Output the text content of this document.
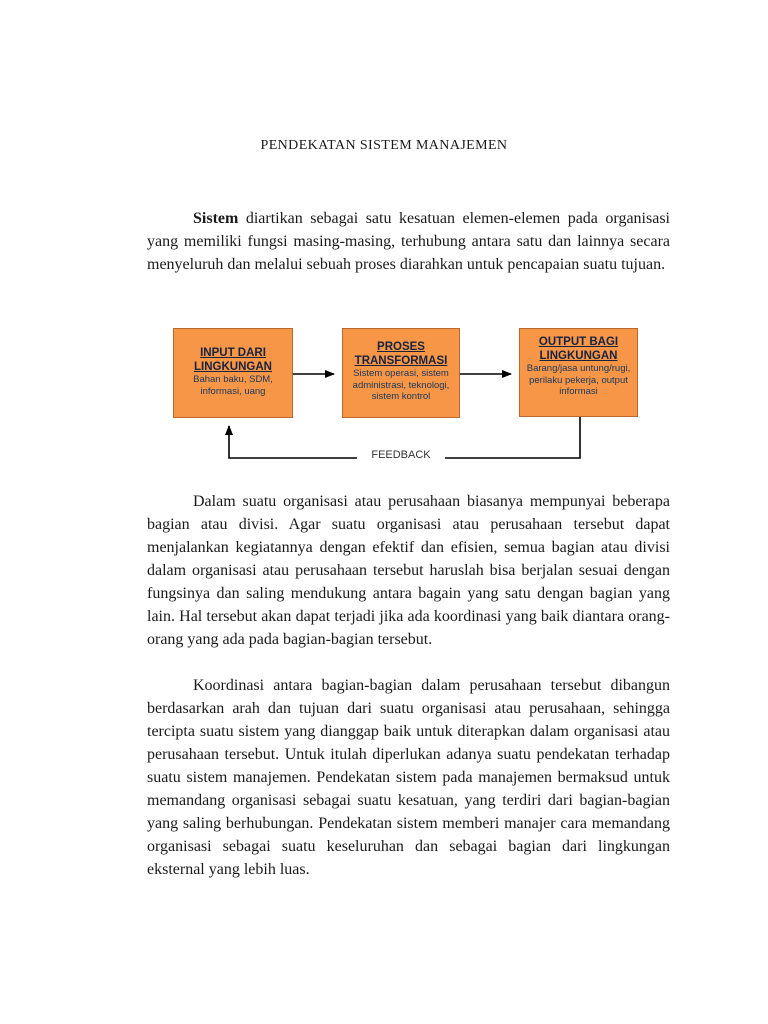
PENDEKATAN SISTEM MANAJEMEN

Sistem diartikan sebagai satu kesatuan elemen-elemen pada organisasi yang memiliki fungsi masing-masing, terhubung antara satu dan lainnya secara menyeluruh dan melalui sebuah proses diarahkan untuk pencapaian suatu tujuan.

INPUT DARI LINGKUNGAN
Bahan baku, SDM, informasi, uang
PROSES TRANSFORMASI
Sistem operasi, sistem administrasi, teknologi, sistem kontrol
OUTPUT BAGI LINGKUNGAN
Barang/jasa untung/rugi, perilaku pekerja, output informasi
FEEDBACK

Dalam suatu organisasi atau perusahaan biasanya mempunyai beberapa bagian atau divisi. Agar suatu organisasi atau perusahaan tersebut dapat menjalankan kegiatannya dengan efektif dan efisien, semua bagian atau divisi dalam organisasi atau perusahaan tersebut haruslah bisa berjalan sesuai dengan fungsinya dan saling mendukung antara bagain yang satu dengan bagian yang lain. Hal tersebut akan dapat terjadi jika ada koordinasi yang baik diantara orang-orang yang ada pada bagian-bagian tersebut.

Koordinasi antara bagian-bagian dalam perusahaan tersebut dibangun berdasarkan arah dan tujuan dari suatu organisasi atau perusahaan, sehingga tercipta suatu sistem yang dianggap baik untuk diterapkan dalam organisasi atau perusahaan tersebut. Untuk itulah diperlukan adanya suatu pendekatan terhadap suatu sistem manajemen. Pendekatan sistem pada manajemen bermaksud untuk memandang organisasi sebagai suatu kesatuan, yang terdiri dari bagian-bagian yang saling berhubungan. Pendekatan sistem memberi manajer cara memandang organisasi sebagai suatu keseluruhan dan sebagai bagian dari lingkungan eksternal yang lebih luas.
